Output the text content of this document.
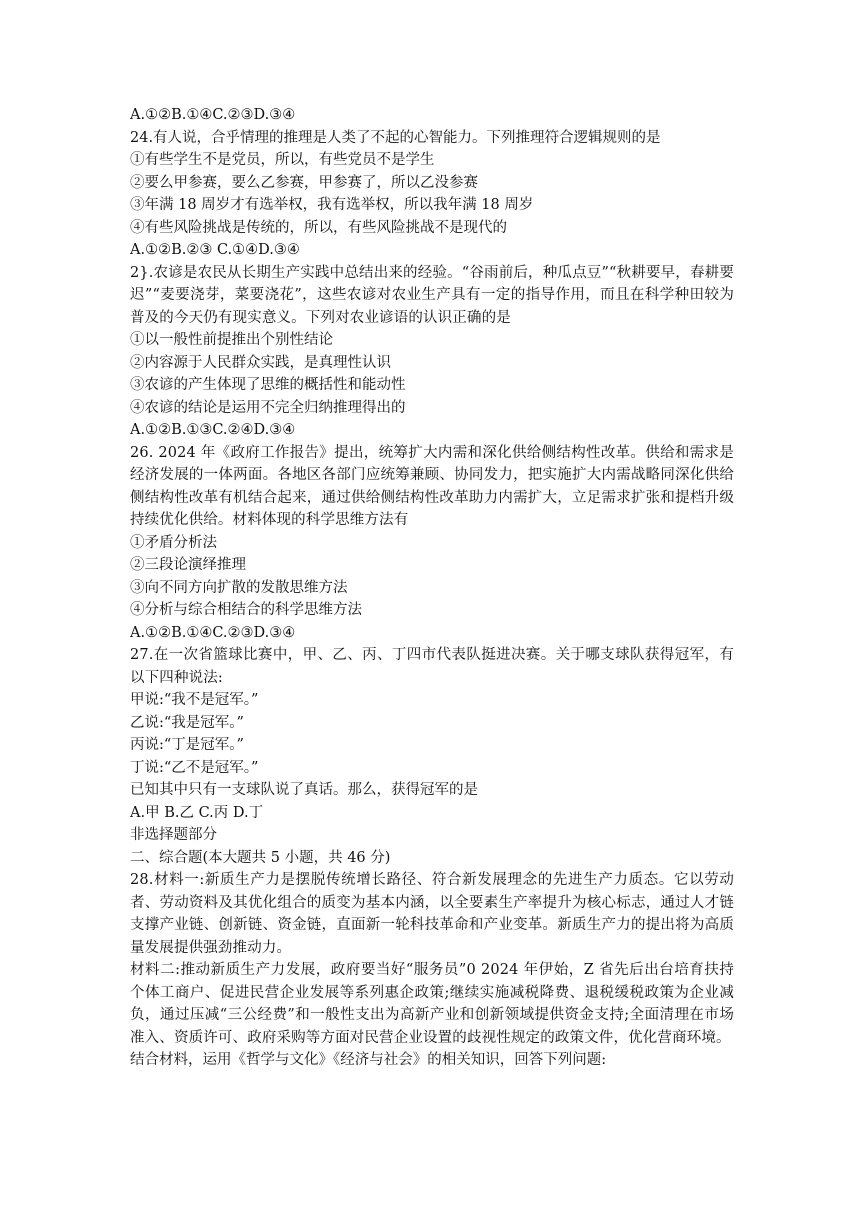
A.①②B.①④C.②③D.③④
24.有人说，合乎情理的推理是人类了不起的心智能力。下列推理符合逻辑规则的是
①有些学生不是党员，所以，有些党员不是学生
②要么甲参赛，要么乙参赛，甲参赛了，所以乙没参赛
③年满 18 周岁才有选举权，我有选举权，所以我年满 18 周岁
④有些风险挑战是传统的，所以，有些风险挑战不是现代的
A.①②B.②③ C.①④D.③④
2}.农谚是农民从长期生产实践中总结出来的经验。“谷雨前后，种瓜点豆”“秋耕要早，春耕要迟”“麦要浇芽，菜要浇花”，这些农谚对农业生产具有一定的指导作用，而且在科学种田较为普及的今天仍有现实意义。下列对农业谚语的认识正确的是
①以一般性前提推出个别性结论
②内容源于人民群众实践，是真理性认识
③农谚的产生体现了思维的概括性和能动性
④农谚的结论是运用不完全归纳推理得出的
A.①②B.①③C.②④D.③④
26. 2024 年《政府工作报告》提出，统筹扩大内需和深化供给侧结构性改革。供给和需求是经济发展的一体两面。各地区各部门应统筹兼顾、协同发力，把实施扩大内需战略同深化供给侧结构性改革有机结合起来，通过供给侧结构性改革助力内需扩大，立足需求扩张和提档升级持续优化供给。材料体现的科学思维方法有
①矛盾分析法
②三段论演绎推理
③向不同方向扩散的发散思维方法
④分析与综合相结合的科学思维方法
A.①②B.①④C.②③D.③④
27.在一次省篮球比赛中，甲、乙、丙、丁四市代表队挺进决赛。关于哪支球队获得冠军，有以下四种说法:
甲说:“我不是冠军。”
乙说:“我是冠军。”
丙说:“丁是冠军。”
丁说:“乙不是冠军。”
已知其中只有一支球队说了真话。那么，获得冠军的是
A.甲 B.乙 C.丙 D.丁
非选择题部分
二、综合题(本大题共 5 小题，共 46 分)
28.材料一:新质生产力是摆脱传统增长路径、符合新发展理念的先进生产力质态。它以劳动者、劳动资料及其优化组合的质变为基本内涵，以全要素生产率提升为核心标志，通过人才链支撑产业链、创新链、资金链，直面新一轮科技革命和产业变革。新质生产力的提出将为高质量发展提供强劲推动力。
材料二:推动新质生产力发展，政府要当好“服务员”0 2024 年伊始，Z 省先后出台培育扶持个体工商户、促进民营企业发展等系列惠企政策;继续实施减税降费、退税缓税政策为企业减负，通过压减“三公经费”和一般性支出为高新产业和创新领域提供资金支持;全面清理在市场准入、资质许可、政府采购等方面对民营企业设置的歧视性规定的政策文件，优化营商环境。
结合材料，运用《哲学与文化》《经济与社会》的相关知识，回答下列问题:
